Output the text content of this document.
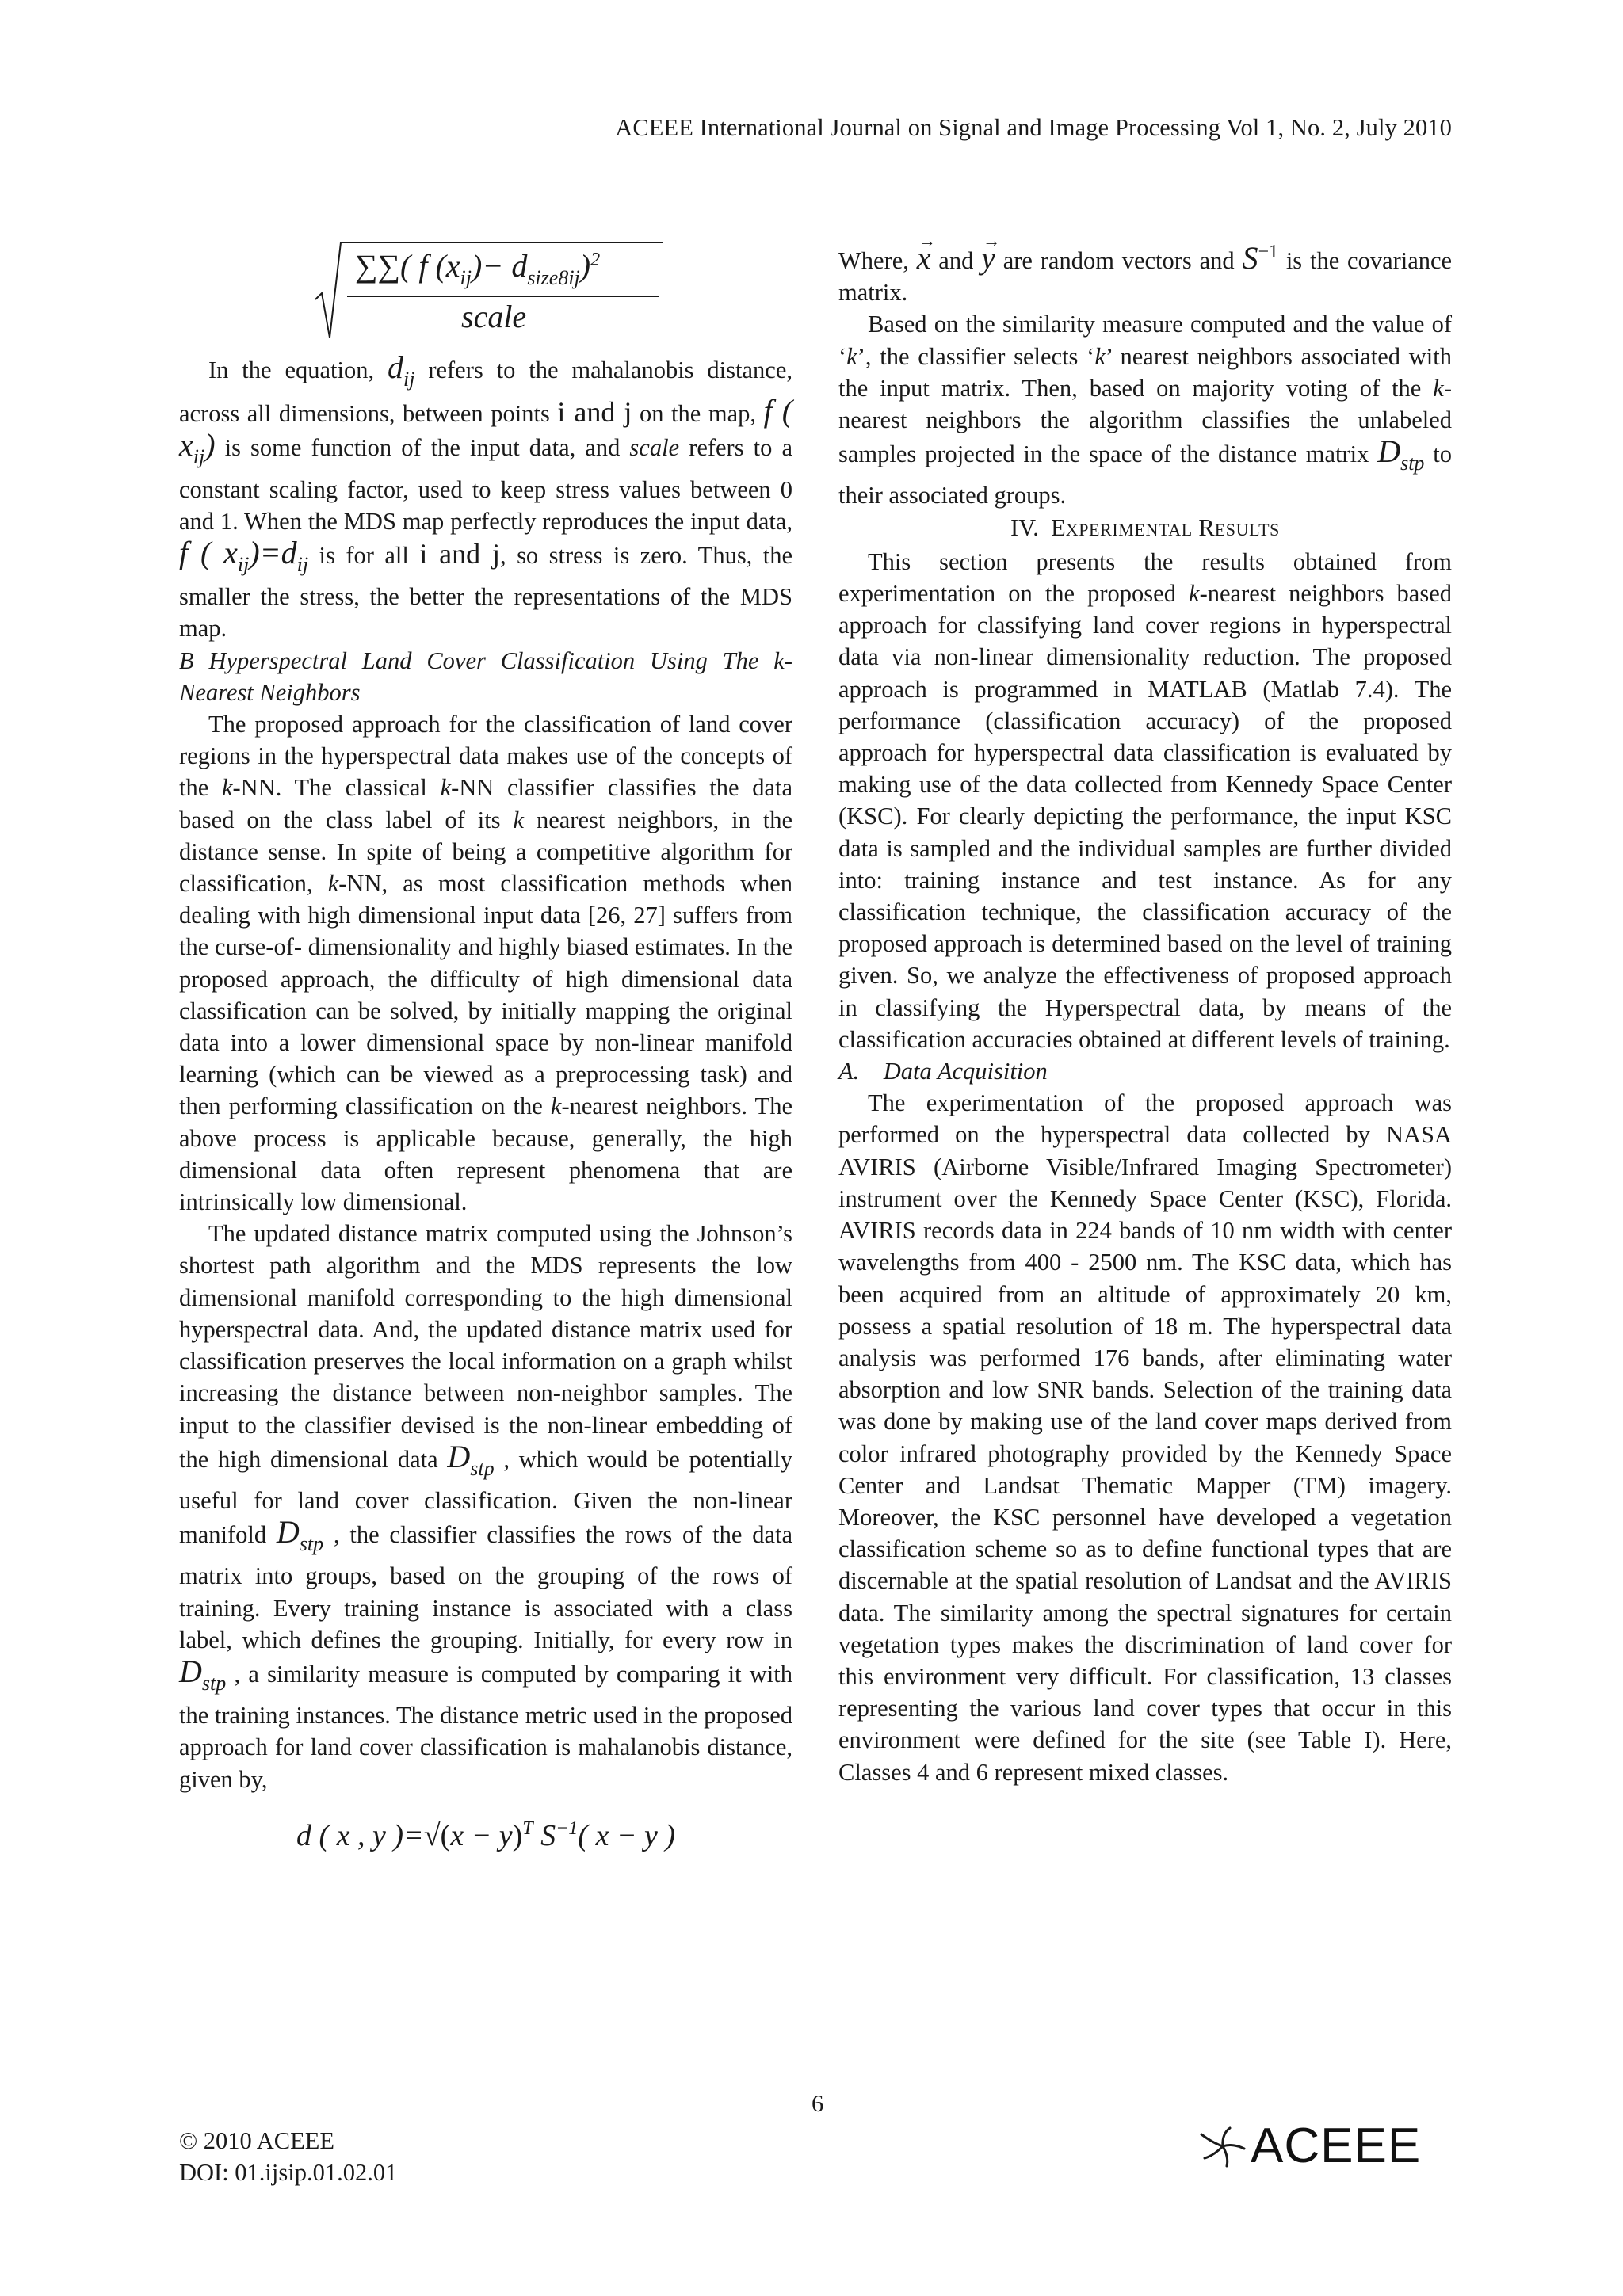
ACEEE International Journal on Signal and Image Processing Vol 1, No. 2, July 2010
∑∑( f $(x_{ij})- d_{size8ij})^2$
scale

In the equation, dij refers to the mahalanobis distance, across all dimensions, between points i and j on the map, f ( xij) is some function of the input data, and scale refers to a constant scaling factor, used to keep stress values between 0 and 1. When the MDS map perfectly reproduces the input data, f ( xij)=dij is for all i and j, so stress is zero. Thus, the smaller the stress, the better the representations of the MDS map.

B Hyperspectral Land Cover Classification Using The k-Nearest Neighbors

The proposed approach for the classification of land cover regions in the hyperspectral data makes use of the concepts of the k-NN. The classical k-NN classifier classifies the data based on the class label of its k nearest neighbors, in the distance sense. In spite of being a competitive algorithm for classification, k-NN, as most classification methods when dealing with high dimensional input data [26, 27] suffers from the curse-of- dimensionality and highly biased estimates. In the proposed approach, the difficulty of high dimensional data classification can be solved, by initially mapping the original data into a lower dimensional space by non-linear manifold learning (which can be viewed as a preprocessing task) and then performing classification on the k-nearest neighbors. The above process is applicable because, generally, the high dimensional data often represent phenomena that are intrinsically low dimensional.

The updated distance matrix computed using the Johnson’s shortest path algorithm and the MDS represents the low dimensional manifold corresponding to the high dimensional hyperspectral data. And, the updated distance matrix used for classification preserves the local information on a graph whilst increasing the distance between non-neighbor samples. The input to the classifier devised is the non-linear embedding of the high dimensional data Dstp , which would be potentially useful for land cover classification. Given the non-linear manifold Dstp , the classifier classifies the rows of the data matrix into groups, based on the grouping of the rows of training. Every training instance is associated with a class label, which defines the grouping. Initially, for every row in Dstp , a similarity measure is computed by comparing it with the training instances. The distance metric used in the proposed approach for land cover classification is mahalanobis distance, given by,

d ( x , y )$=√(x - y)^T$ $S^{-1}$( x − y )

Where, → x and → y are random vectors and $S^{-1}$ is the covariance matrix.

Based on the similarity measure computed and the value of ‘k’, the classifier selects ‘k’ nearest neighbors associated with the input matrix. Then, based on majority voting of the k-nearest neighbors the algorithm classifies the unlabeled samples projected in the space of the distance matrix Dstp to their associated groups.

IV. EXPERIMENTAL RESULTS

This section presents the results obtained from experimentation on the proposed k-nearest neighbors based approach for classifying land cover regions in hyperspectral data via non-linear dimensionality reduction. The proposed approach is programmed in MATLAB (Matlab 7.4). The performance (classification accuracy) of the proposed approach for hyperspectral data classification is evaluated by making use of the data collected from Kennedy Space Center (KSC). For clearly depicting the performance, the input KSC data is sampled and the individual samples are further divided into: training instance and test instance. As for any classification technique, the classification accuracy of the proposed approach is determined based on the level of training given. So, we analyze the effectiveness of proposed approach in classifying the Hyperspectral data, by means of the classification accuracies obtained at different levels of training.

A. Data Acquisition

The experimentation of the proposed approach was performed on the hyperspectral data collected by NASA AVIRIS (Airborne Visible/Infrared Imaging Spectrometer) instrument over the Kennedy Space Center (KSC), Florida. AVIRIS records data in 224 bands of 10 nm width with center wavelengths from 400 - 2500 nm. The KSC data, which has been acquired from an altitude of approximately 20 km, possess a spatial resolution of 18 m. The hyperspectral data analysis was performed 176 bands, after eliminating water absorption and low SNR bands. Selection of the training data was done by making use of the land cover maps derived from color infrared photography provided by the Kennedy Space Center and Landsat Thematic Mapper (TM) imagery. Moreover, the KSC personnel have developed a vegetation classification scheme so as to define functional types that are discernable at the spatial resolution of Landsat and the AVIRIS data. The similarity among the spectral signatures for certain vegetation types makes the discrimination of land cover for this environment very difficult. For classification, 13 classes representing the various land cover types that occur in this environment were defined for the site (see Table I). Here, Classes 4 and 6 represent mixed classes.

6
© 2010 ACEEE
DOI: 01.ijsip.01.02.01	ACEEE
